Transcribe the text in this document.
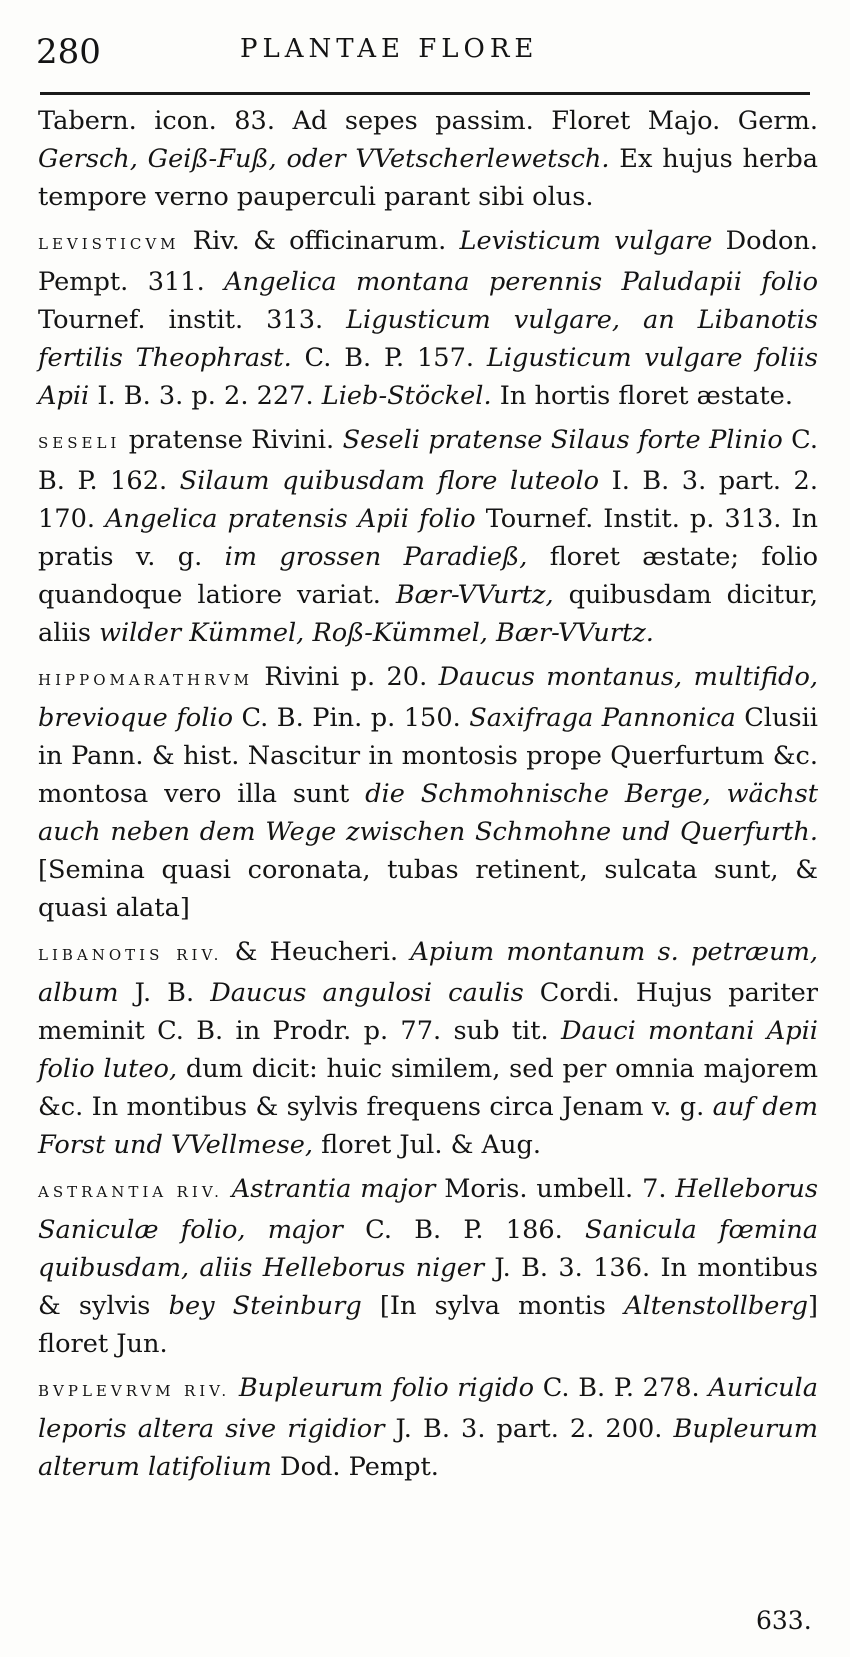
280	PLANTAE FLORE

Tabern. icon. 83. Ad sepes passim. Floret Majo. Germ. Gersch, Geiß-Fuß, oder VVetscherlewetsch. Ex hujus herba tempore verno pauperculi parant sibi olus.

LEVISTICVM Riv. & officinarum. Levisticum vulgare Dodon. Pempt. 311. Angelica montana perennis Paludapii folio Tournef. instit. 313. Ligusticum vulgare, an Libanotis fertilis Theophrast. C. B. P. 157. Ligusticum vulgare foliis Apii I. B. 3. p. 2. 227. Lieb-Stöckel. In hortis floret æstate.

SESELI pratense Rivini. Seseli pratense Silaus forte Plinio C. B. P. 162. Silaum quibusdam flore luteolo I. B. 3. part. 2. 170. Angelica pratensis Apii folio Tournef. Instit. p. 313. In pratis v. g. im grossen Paradieß, floret æstate; folio quandoque latiore variat. Bær-VVurtz, quibusdam dicitur, aliis wilder Kümmel, Roß-Kümmel, Bær-VVurtz.

HIPPOMARATHRVM Rivini p. 20. Daucus montanus, multifido, brevioque folio C. B. Pin. p. 150. Saxifraga Pannonica Clusii in Pann. & hist. Nascitur in montosis prope Querfurtum &c. montosa vero illa sunt die Schmohnische Berge, wächst auch neben dem Wege zwischen Schmohne und Querfurth. [Semina quasi coronata, tubas retinent, sulcata sunt, & quasi alata]

LIBANOTIS RIV. & Heucheri. Apium montanum s. petræum, album J. B. Daucus angulosi caulis Cordi. Hujus pariter meminit C. B. in Prodr. p. 77. sub tit. Dauci montani Apii folio luteo, dum dicit: huic similem, sed per omnia majorem &c. In montibus & sylvis frequens circa Jenam v. g. auf dem Forst und VVellmese, floret Jul. & Aug.

ASTRANTIA RIV. Astrantia major Moris. umbell. 7. Helleborus Saniculæ folio, major C. B. P. 186. Sanicula fœmina quibusdam, aliis Helleborus niger J. B. 3. 136. In montibus & sylvis bey Steinburg [In sylva montis Altenstollberg] floret Jun.

BVPLEVRVM RIV. Bupleurum folio rigido C. B. P. 278. Auricula leporis altera sive rigidior J. B. 3. part. 2. 200. Bupleurum alterum latifolium Dod. Pempt.

633.
